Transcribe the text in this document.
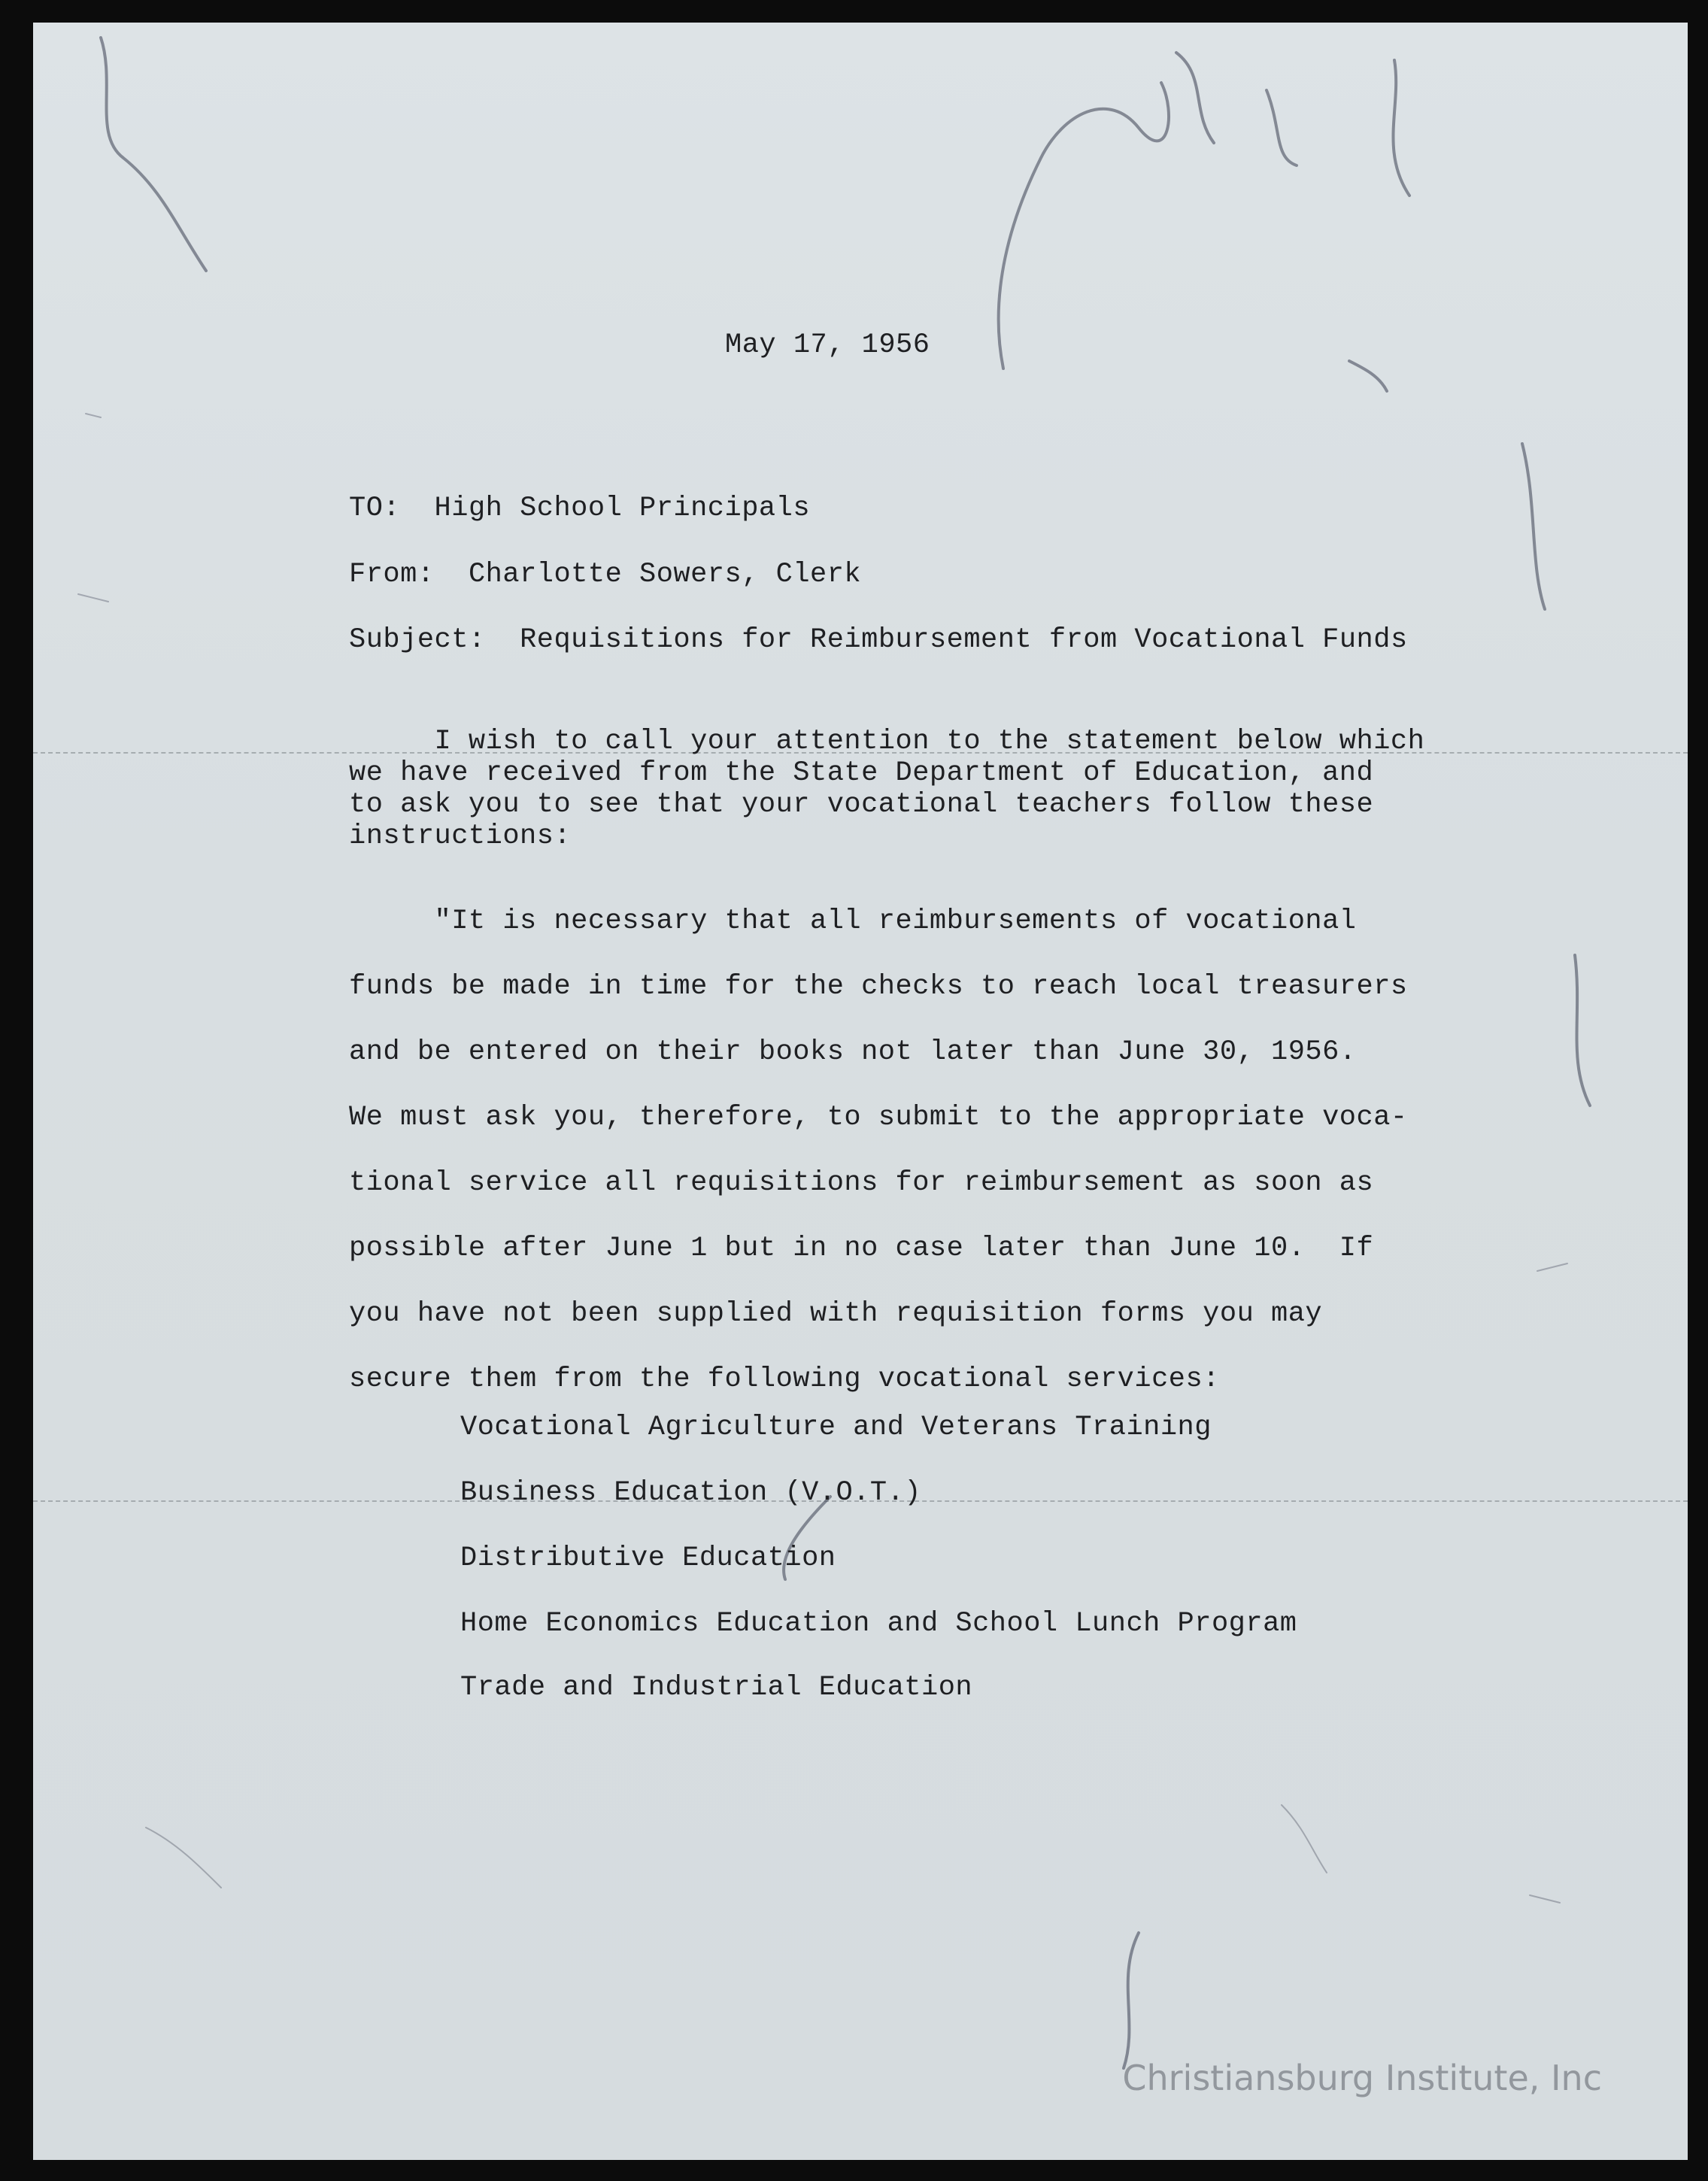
May 17, 1956
TO: High School Principals
From: Charlotte Sowers, Clerk
Subject: Requisitions for Reimbursement from Vocational Funds
I wish to call your attention to the statement below which
we have received from the State Department of Education, and
to ask you to see that your vocational teachers follow these
instructions:
"It is necessary that all reimbursements of vocational
funds be made in time for the checks to reach local treasurers
and be entered on their books not later than June 30, 1956.
We must ask you, therefore, to submit to the appropriate voca-
tional service all requisitions for reimbursement as soon as
possible after June 1 but in no case later than June 10.  If
you have not been supplied with requisition forms you may
secure them from the following vocational services:
Vocational Agriculture and Veterans Training
Business Education (V.O.T.)
Distributive Education
Home Economics Education and School Lunch Program
Trade and Industrial Education
Christiansburg Institute, Inc
